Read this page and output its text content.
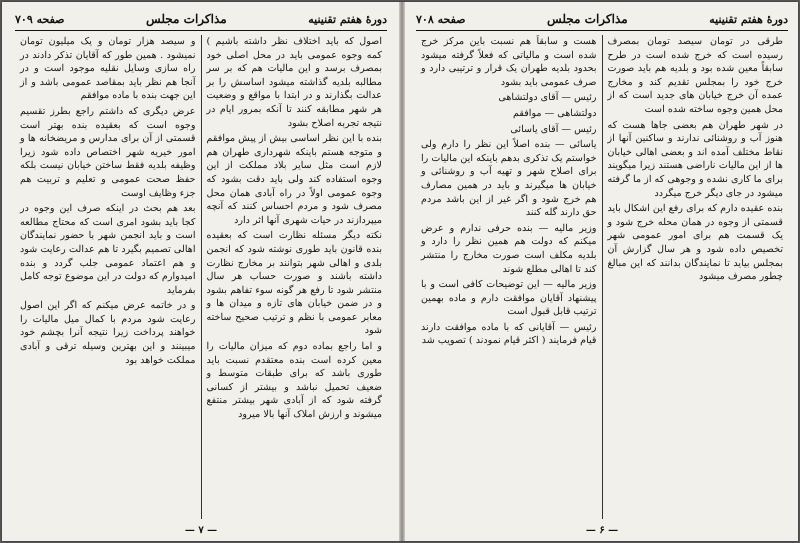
دورهٔ هفتم تقنینیه
مذاکرات مجلس
صفحه ۷۰۹

اصول که باید اختلاف نظر داشته باشیم ) کمه وجوه عمومی باید در محل اصلی خود بمصرف برسد و این مالیات هم که بر سر مطالبه بلدیه گذاشته میشود اساسش را بر عدالت بگذارند و در ابتدا با مواقع و وضعیت هر شهر مطابقه کنند تا آنکه بمرور ایام در نتیجه تجربه اصلاح بشود

بنده با این نظر اساسی بیش از پیش موافقم و متوجه هستم باینکه شهرداری طهران هم لازم است مثل سایر بلاد مملکت از این وجوه استفاده کند ولی باید دقت بشود که وجوه عمومی اولاً در راه آبادی همان محل مصرف شود و مردم احساس کنند که آنچه میپردازند در حیات شهری آنها اثر دارد

نکته دیگر مسئله نظارت است که بعقیده بنده قانون باید طوری نوشته شود که انجمن بلدی و اهالی شهر بتوانند بر مخارج نظارت داشته باشند و صورت حساب هر سال منتشر شود تا رفع هر گونه سوء تفاهم بشود و در ضمن خیابان های تازه و میدان ها و معابر عمومی با نظم و ترتیب صحیح ساخته شود

و اما راجع بماده دوم که میزان مالیات را معین کرده است بنده معتقدم نسبت باید طوری باشد که برای طبقات متوسط و ضعیف تحمیل نباشد و بیشتر از کسانی گرفته شود که از آبادی شهر بیشتر منتفع میشوند و ارزش املاک آنها بالا میرود

و سیصد هزار تومان و یک میلیون تومان نمیشود . همین طور که آقایان تذکر دادند در راه سازی وسایل نقلیه موجود است و در آنجا هم نظر باید بمقاصد عمومی باشد و از این جهت بنده با ماده موافقم

عرض دیگری که داشتم راجع بطرز تقسیم وجوه است که بعقیده بنده بهتر است قسمتی از آن برای مدارس و مریضخانه ها و امور خیریه شهر اختصاص داده شود زیرا وظیفه بلدیه فقط ساختن خیابان نیست بلکه حفظ صحت عمومی و تعلیم و تربیت هم جزء وظایف اوست

بعد هم بحث در اینکه صرف این وجوه در کجا باید بشود امری است که محتاج مطالعه است و باید انجمن شهر با حضور نمایندگان اهالی تصمیم بگیرد تا هم عدالت رعایت شود و هم اعتماد عمومی جلب گردد و بنده امیدوارم که دولت در این موضوع توجه کامل بفرماید

و در خاتمه عرض میکنم که اگر این اصول رعایت شود مردم با کمال میل مالیات را خواهند پرداخت زیرا نتیجه آنرا بچشم خود میبینند و این بهترین وسیله ترقی و آبادی مملکت خواهد بود

— ۷ —
دورهٔ هفتم تقنینیه
مذاکرات مجلس
صفحه ۷۰۸

طرقی در تومان سیصد تومان بمصرف رسیده است که خرج شده است در طرح سابقاً معین شده بود و بلدیه هم باید صورت خرج خود را بمجلس تقدیم کند و مخارج عمده آن خرج خیابان های جدید است که از محل همین وجوه ساخته شده است

در شهر طهران هم بعضی جاها هست که هنوز آب و روشنائی ندارند و ساکنین آنها از نقاط مختلف آمده اند و بعضی اهالی خیابان ها از این مالیات ناراضی هستند زیرا میگویند برای ما کاری نشده و وجوهی که از ما گرفته میشود در جای دیگر خرج میگردد

بنده عقیده دارم که برای رفع این اشکال باید قسمتی از وجوه در همان محله خرج شود و یک قسمت هم برای امور عمومی شهر تخصیص داده شود و هر سال گزارش آن بمجلس بیاید تا نمایندگان بدانند که این مبالغ چطور مصرف میشود

هست و سابقاً هم نسبت باین مرکز خرج شده است و مالیاتی که فعلاً گرفته میشود بحدود بلدیه طهران یک قرار و ترتیبی دارد و صرف عمومی باید بشود

رئیس — آقای دولتشاهی

دولتشاهی — موافقم

رئیس — آقای یاسائی

یاسائی — بنده اصلاً این نظر را دارم ولی خواستم یک تذکری بدهم باینکه این مالیات را برای اصلاح شهر و تهیه آب و روشنائی و خیابان ها میگیرند و باید در همین مصارف هم خرج شود و اگر غیر از این باشد مردم حق دارند گله کنند

وزیر مالیه — بنده حرفی ندارم و عرض میکنم که دولت هم همین نظر را دارد و بلدیه مکلف است صورت مخارج را منتشر کند تا اهالی مطلع شوند

وزیر مالیه — این توضیحات کافی است و با پیشنهاد آقایان موافقت دارم و ماده بهمین ترتیب قابل قبول است

رئیس — آقایانی که با ماده موافقت دارند قیام فرمایند ( اکثر قیام نمودند ) تصویب شد

— ۶ —
